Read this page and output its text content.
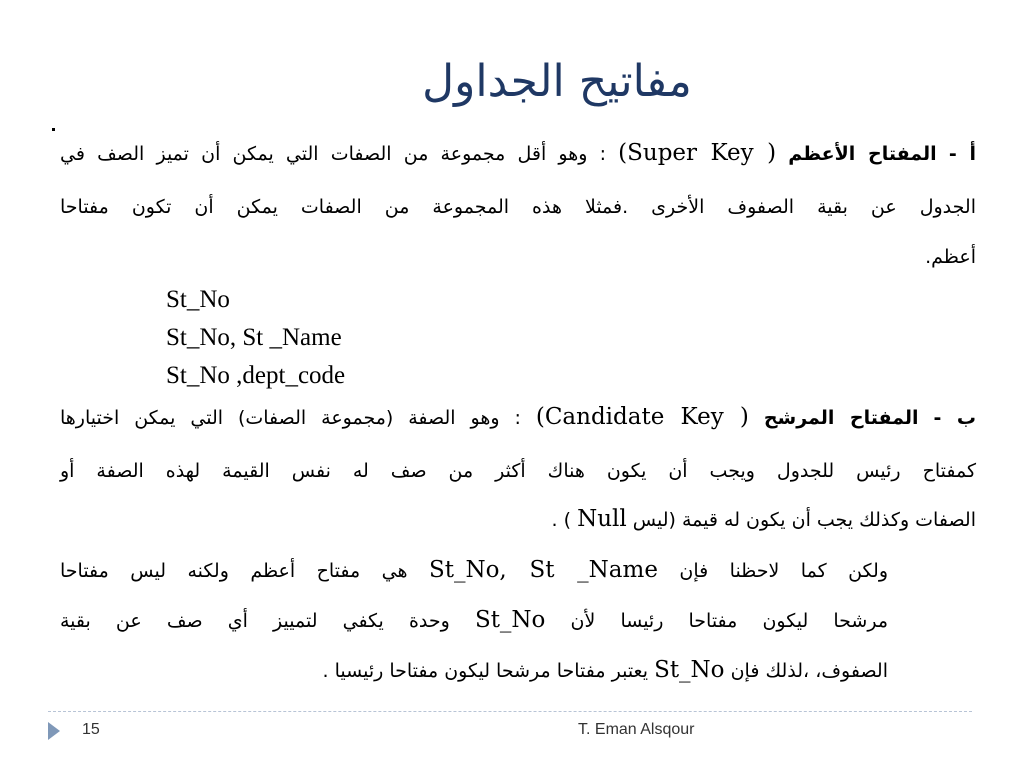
مفاتيح الجداول
أ - المفتاح الأعظم (Super Key ) : وهو أقل مجموعة من الصفات التي يمكن أن تميز الصف في
الجدول عن بقية الصفوف الأخرى .فمثلا هذه المجموعة من الصفات يمكن أن تكون مفتاحا
أعظم.
St_No
St_No, St _Name
St_No ,dept_code
ب - المفتاح المرشح (Candidate Key ) : وهو الصفة (مجموعة الصفات) التي يمكن اختيارها
كمفتاح رئيس للجدول ويجب أن يكون هناك أكثر من صف له نفس القيمة لهذه الصفة أو
الصفات وكذلك يجب أن يكون له قيمة (ليس Null ) .
ولكن كما لاحظنا فإن St_No, St _Name هي مفتاح أعظم ولكنه ليس مفتاحا
مرشحا ليكون مفتاحا رئيسا لأن St_No وحدة يكفي لتمييز أي صف عن بقية
الصفوف، ،لذلك فإن St_No يعتبر مفتاحا مرشحا ليكون مفتاحا رئيسيا .
15	T. Eman Alsqour
